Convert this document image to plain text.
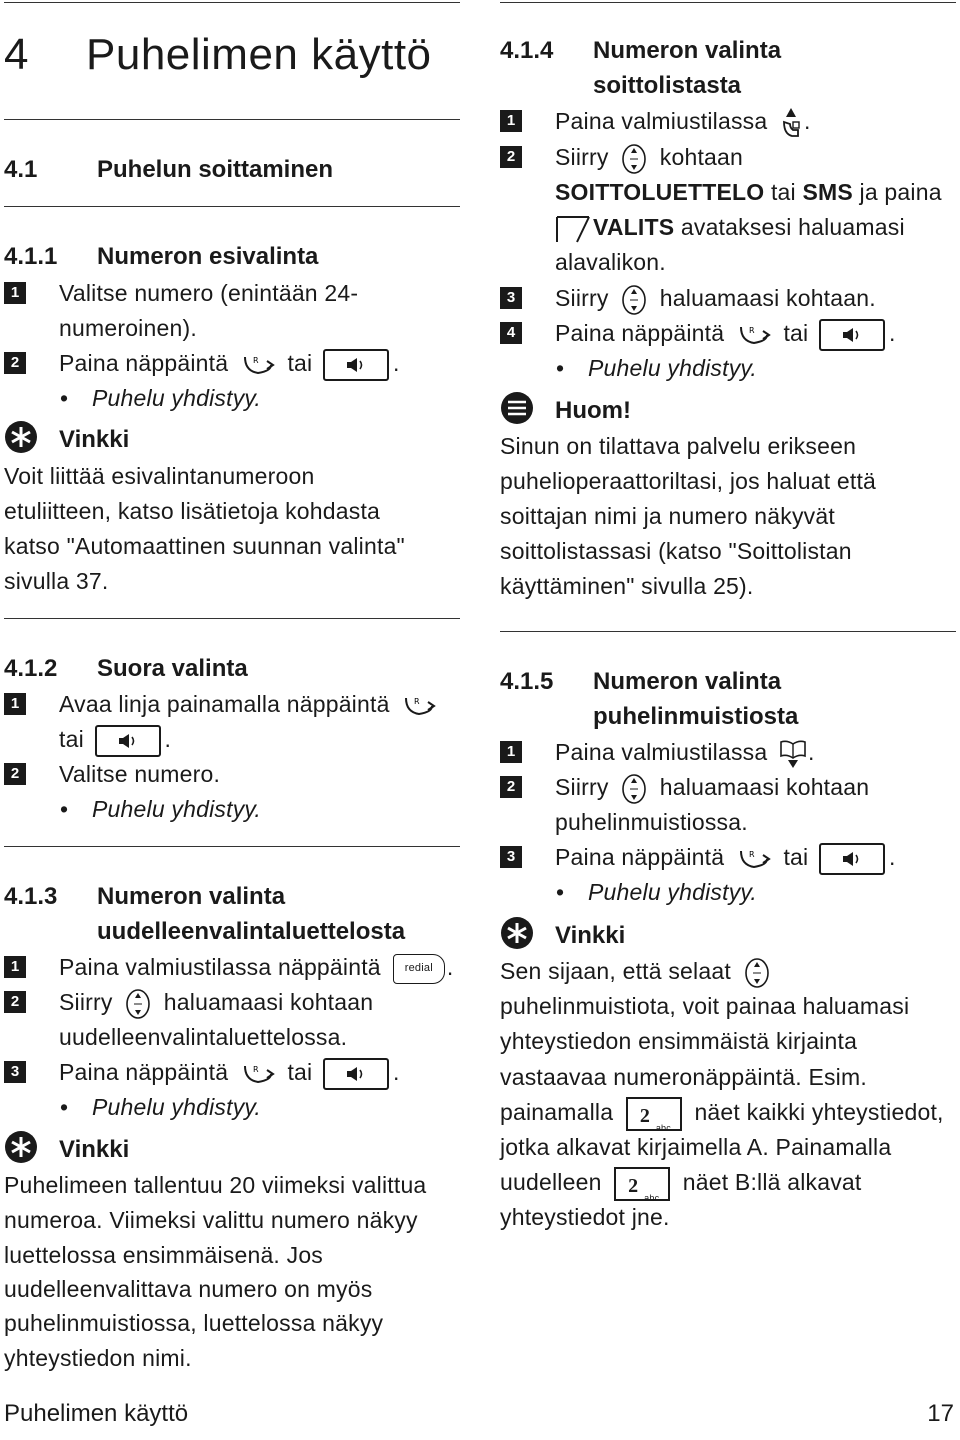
4 Puhelimen käyttö
4.1 Puhelun soittaminen
4.1.1 Numeron esivalinta
1 Valitse numero (enintään 24-
numeroinen).
2 Paina näppäintä	R tai	.
• Puhelu yhdistyy.
Vinkki
Voit liittää esivalintanumeroon
etuliitteen, katso lisätietoja kohdasta
katso "Automaattinen suunnan valinta"
sivulla 37.
4.1.2 Suora valinta
1 Avaa linja painamalla näppäintä	R
tai	.
2 Valitse numero.
• Puhelu yhdistyy.
4.1.3 Numeron valinta
uudelleenvalintaluettelosta
1 Paina valmiustilassa näppäintä redial .
2 Siirry haluamaasi kohtaan
uudelleenvalintaluettelossa.
3 Paina näppäintä	R tai	.
• Puhelu yhdistyy.
Vinkki
Puhelimeen tallentuu 20 viimeksi valittua
numeroa. Viimeksi valittu numero näkyy
luettelossa ensimmäisenä. Jos
uudelleenvalittava numero on myös
puhelinmuistiossa, luettelossa näkyy
yhteystiedon nimi.
4.1.4 Numeron valinta
soittolistasta
1 Paina valmiustilassa .
2 Siirry kohtaan
SOITTOLUETTELO tai SMS ja paina
VALITS avataksesi haluamasi
alavalikon.
3 Siirry haluamaasi kohtaan.
4 Paina näppäintä	R tai	.
• Puhelu yhdistyy.
Huom!
Sinun on tilattava palvelu erikseen
puhelioperaattoriltasi, jos haluat että
soittajan nimi ja numero näkyvät
soittolistassasi (katso "Soittolistan
käyttäminen" sivulla 25).
4.1.5 Numeron valinta
puhelinmuistiosta
1 Paina valmiustilassa .
2 Siirry haluamaasi kohtaan
puhelinmuistiossa.
3 Paina näppäintä	R tai	.
• Puhelu yhdistyy.
Vinkki
Sen sijaan, että selaat
puhelinmuistiota, voit painaa haluamasi
yhteystiedon ensimmäistä kirjainta
vastaavaa numeronäppäintä. Esim.
painamalla 2
abc
näet kaikki yhteystiedot,
jotka alkavat kirjaimella A. Painamalla
uudelleen 2
abc
näet B:llä alkavat
yhteystiedot jne.
Puhelimen käyttö	17
